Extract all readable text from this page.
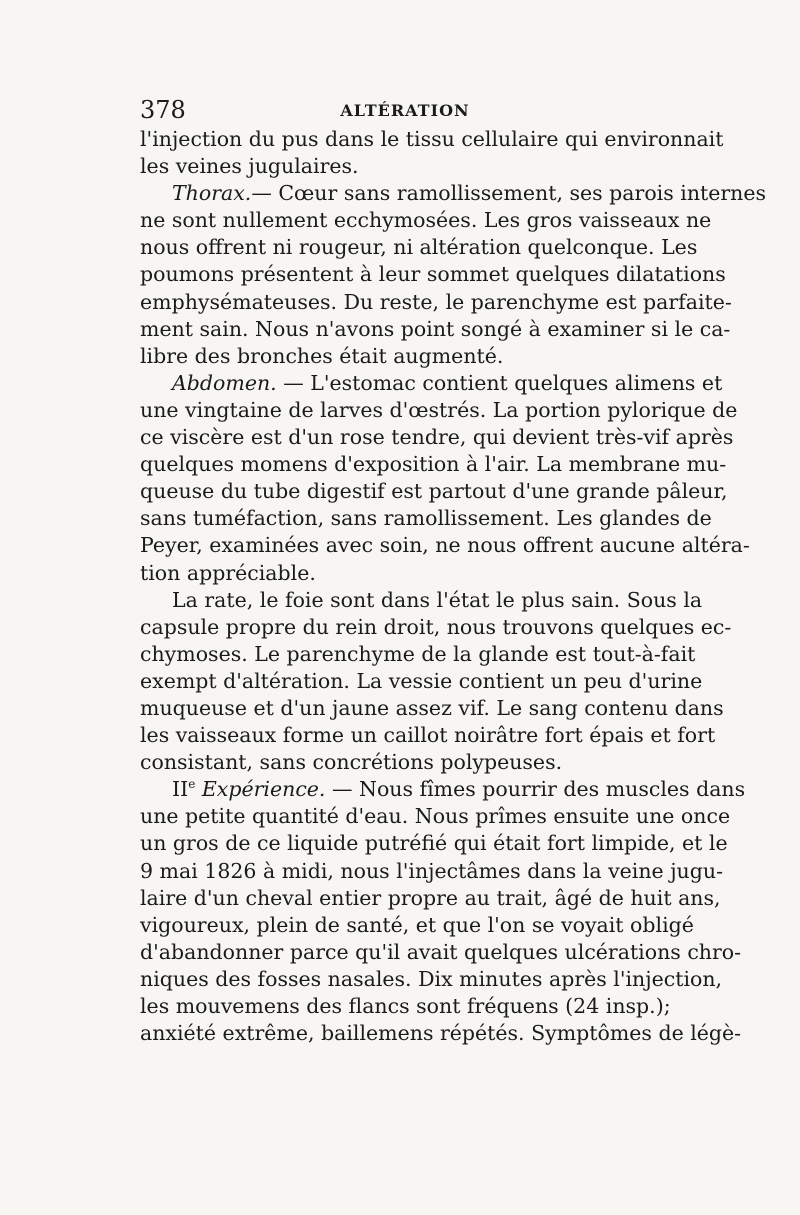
378	ALTÉRATION
l'injection du pus dans le tissu cellulaire qui environnait
les veines jugulaires.
Thorax.— Cœur sans ramollissement, ses parois internes
ne sont nullement ecchymosées. Les gros vaisseaux ne
nous offrent ni rougeur, ni altération quelconque. Les
poumons présentent à leur sommet quelques dilatations
emphysémateuses. Du reste, le parenchyme est parfaite-
ment sain. Nous n'avons point songé à examiner si le ca-
libre des bronches était augmenté.
Abdomen. — L'estomac contient quelques alimens et
une vingtaine de larves d'œstrés. La portion pylorique de
ce viscère est d'un rose tendre, qui devient très-vif après
quelques momens d'exposition à l'air. La membrane mu-
queuse du tube digestif est partout d'une grande pâleur,
sans tuméfaction, sans ramollissement. Les glandes de
Peyer, examinées avec soin, ne nous offrent aucune altéra-
tion appréciable.
La rate, le foie sont dans l'état le plus sain. Sous la
capsule propre du rein droit, nous trouvons quelques ec-
chymoses. Le parenchyme de la glande est tout-à-fait
exempt d'altération. La vessie contient un peu d'urine
muqueuse et d'un jaune assez vif. Le sang contenu dans
les vaisseaux forme un caillot noirâtre fort épais et fort
consistant, sans concrétions polypeuses.
IIe Expérience. — Nous fîmes pourrir des muscles dans
une petite quantité d'eau. Nous prîmes ensuite une once
un gros de ce liquide putréfié qui était fort limpide, et le
9 mai 1826 à midi, nous l'injectâmes dans la veine jugu-
laire d'un cheval entier propre au trait, âgé de huit ans,
vigoureux, plein de santé, et que l'on se voyait obligé
d'abandonner parce qu'il avait quelques ulcérations chro-
niques des fosses nasales. Dix minutes après l'injection,
les mouvemens des flancs sont fréquens (24 insp.);
anxiété extrême, baillemens répétés. Symptômes de légè-
